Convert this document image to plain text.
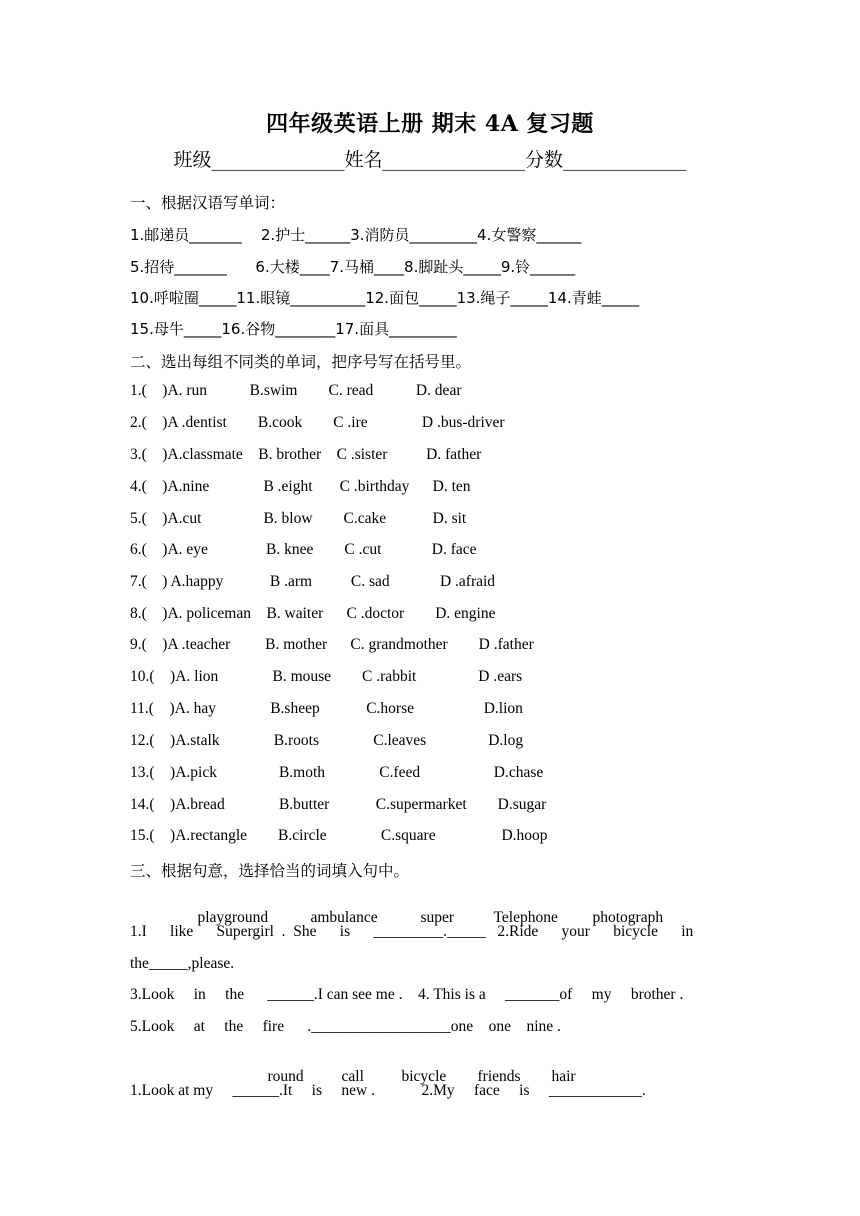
四年级英语上册 期末 4A 复习题
班级______________姓名_______________分数_____________
一、根据汉语写单词：
1.邮递员_______    2.护士______3.消防员_________4.女警察______
5.招待_______      6.大楼____7.马桶____8.脚趾头_____9.铃______
10.呼啦圈_____11.眼镜__________12.面包_____13.绳子_____14.青蛙_____
15.母牛_____16.谷物________17.面具_________
二、选出每组不同类的单词，把序号写在括号里。
1.(    )A. run           B.swim        C. read           D. dear
2.(    )A .dentist        B.cook        C .ire              D .bus-driver
3.(    )A.classmate    B. brother    C .sister          D. father
4.(    )A.nine              B .eight       C .birthday      D. ten
5.(    )A.cut                B. blow        C.cake            D. sit
6.(    )A. eye               B. knee        C .cut             D. face
7.(    ) A.happy            B .arm          C. sad             D .afraid
8.(    )A. policeman    B. waiter      C .doctor        D. engine
9.(    )A .teacher         B. mother      C. grandmother        D .father
10.(    )A. lion              B. mouse        C .rabbit                D .ears
11.(    )A. hay              B.sheep            C.horse                  D.lion
12.(    )A.stalk              B.roots              C.leaves                D.log
13.(    )A.pick                B.moth              C.feed                   D.chase
14.(    )A.bread              B.butter            C.supermarket        D.sugar
15.(    )A.rectangle        B.circle              C.square                 D.hoop
三、根据句意，选择恰当的词填入句中。

playground	ambulance	super	Telephone photograph

1.I      like      Supergirl  .  She      is      _________._____   2.Ride      your      bicycle      in
the_____,please.
3.Look     in     the      ______.I can see me .    4. This is a     _______of     my     brother .
5.Look     at     the     fire      .__________________one    one    nine .

round call bicycle friends hair

1.Look at my     ______.It     is     new .            2.My     face     is     ____________.
